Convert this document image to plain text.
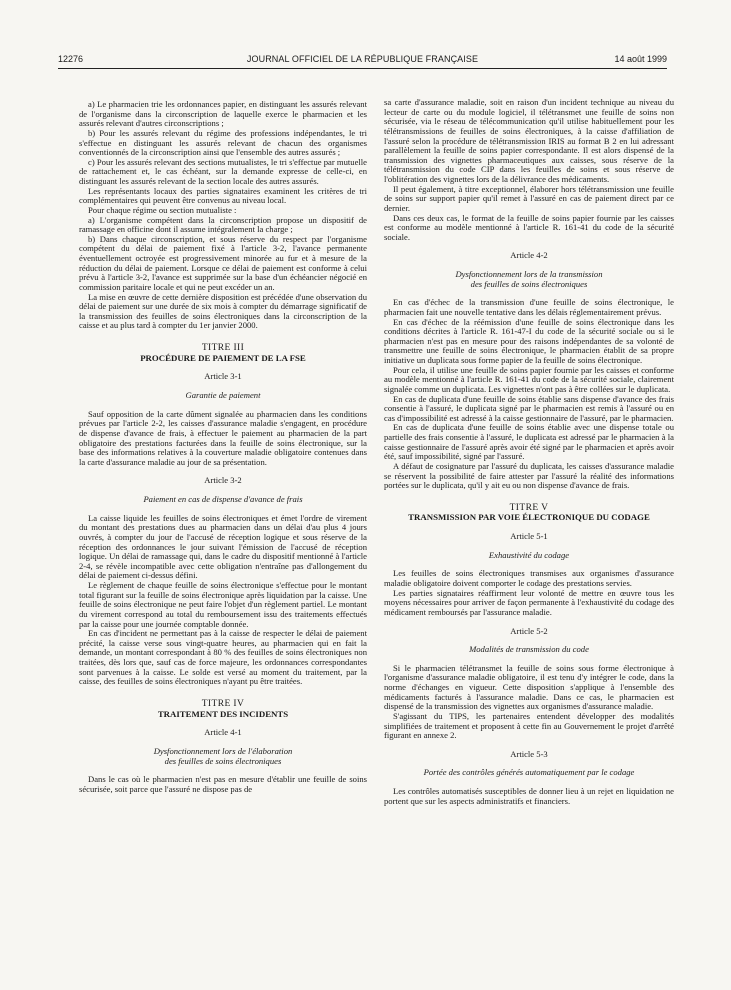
12276	JOURNAL OFFICIEL DE LA RÉPUBLIQUE FRANÇAISE	14 août 1999

a) Le pharmacien trie les ordonnances papier, en distinguant les assurés relevant de l'organisme dans la circonscription de laquelle exerce le pharmacien et les assurés relevant d'autres circonscriptions ;

b) Pour les assurés relevant du régime des professions indépendantes, le tri s'effectue en distinguant les assurés relevant de chacun des organismes conventionnés de la circonscription ainsi que l'ensemble des autres assurés ;

c) Pour les assurés relevant des sections mutualistes, le tri s'effectue par mutuelle de rattachement et, le cas échéant, sur la demande expresse de celle-ci, en distinguant les assurés relevant de la section locale des autres assurés.

Les représentants locaux des parties signataires examinent les critères de tri complémentaires qui peuvent être convenus au niveau local.

Pour chaque régime ou section mutualiste :

a) L'organisme compétent dans la circonscription propose un dispositif de ramassage en officine dont il assume intégralement la charge ;

b) Dans chaque circonscription, et sous réserve du respect par l'organisme compétent du délai de paiement fixé à l'article 3-2, l'avance permanente éventuellement octroyée est progressivement minorée au fur et à mesure de la réduction du délai de paiement. Lorsque ce délai de paiement est conforme à celui prévu à l'article 3-2, l'avance est supprimée sur la base d'un échéancier négocié en commission paritaire locale et qui ne peut excéder un an.

La mise en œuvre de cette dernière disposition est précédée d'une observation du délai de paiement sur une durée de six mois à compter du démarrage significatif de la transmission des feuilles de soins électroniques dans la circonscription de la caisse et au plus tard à compter du 1er janvier 2000.

TITRE III

PROCÉDURE DE PAIEMENT DE LA FSE

Article 3-1

Garantie de paiement

Sauf opposition de la carte dûment signalée au pharmacien dans les conditions prévues par l'article 2-2, les caisses d'assurance maladie s'engagent, en procédure de dispense d'avance de frais, à effectuer le paiement au pharmacien de la part obligatoire des prestations facturées dans la feuille de soins électronique, sur la base des informations relatives à la couverture maladie obligatoire contenues dans la carte d'assurance maladie au jour de sa présentation.

Article 3-2

Paiement en cas de dispense d'avance de frais

La caisse liquide les feuilles de soins électroniques et émet l'ordre de virement du montant des prestations dues au pharmacien dans un délai d'au plus 4 jours ouvrés, à compter du jour de l'accusé de réception logique et sous réserve de la réception des ordonnances le jour suivant l'émission de l'accusé de réception logique. Un délai de ramassage qui, dans le cadre du dispositif mentionné à l'article 2-4, se révèle incompatible avec cette obligation n'entraîne pas d'allongement du délai de paiement ci-dessus défini.

Le règlement de chaque feuille de soins électronique s'effectue pour le montant total figurant sur la feuille de soins électronique après liquidation par la caisse. Une feuille de soins électronique ne peut faire l'objet d'un règlement partiel. Le montant du virement correspond au total du remboursement issu des traitements effectués par la caisse pour une journée comptable donnée.

En cas d'incident ne permettant pas à la caisse de respecter le délai de paiement précité, la caisse verse sous vingt-quatre heures, au pharmacien qui en fait la demande, un montant correspondant à 80 % des feuilles de soins électroniques non traitées, dès lors que, sauf cas de force majeure, les ordonnances correspondantes sont parvenues à la caisse. Le solde est versé au moment du traitement, par la caisse, des feuilles de soins électroniques n'ayant pu être traitées.

TITRE IV

TRAITEMENT DES INCIDENTS

Article 4-1

Dysfonctionnement lors de l'élaboration

des feuilles de soins électroniques

Dans le cas où le pharmacien n'est pas en mesure d'établir une feuille de soins sécurisée, soit parce que l'assuré ne dispose pas de

sa carte d'assurance maladie, soit en raison d'un incident technique au niveau du lecteur de carte ou du module logiciel, il télétransmet une feuille de soins non sécurisée, via le réseau de télécommunication qu'il utilise habituellement pour les télétransmissions de feuilles de soins électroniques, à la caisse d'affiliation de l'assuré selon la procédure de télétransmission IRIS au format B 2 en lui adressant parallèlement la feuille de soins papier correspondante. Il est alors dispensé de la transmission des vignettes pharmaceutiques aux caisses, sous réserve de la télétransmission du code CIP dans les feuilles de soins et sous réserve de l'oblitération des vignettes lors de la délivrance des médicaments.

Il peut également, à titre exceptionnel, élaborer hors télétransmission une feuille de soins sur support papier qu'il remet à l'assuré en cas de paiement direct par ce dernier.

Dans ces deux cas, le format de la feuille de soins papier fournie par les caisses est conforme au modèle mentionné à l'article R. 161-41 du code de la sécurité sociale.

Article 4-2

Dysfonctionnement lors de la transmission

des feuilles de soins électroniques

En cas d'échec de la transmission d'une feuille de soins électronique, le pharmacien fait une nouvelle tentative dans les délais réglementairement prévus.

En cas d'échec de la réémission d'une feuille de soins électronique dans les conditions décrites à l'article R. 161-47-I du code de la sécurité sociale ou si le pharmacien n'est pas en mesure pour des raisons indépendantes de sa volonté de transmettre une feuille de soins électronique, le pharmacien établit de sa propre initiative un duplicata sous forme papier de la feuille de soins électronique.

Pour cela, il utilise une feuille de soins papier fournie par les caisses et conforme au modèle mentionné à l'article R. 161-41 du code de la sécurité sociale, clairement signalée comme un duplicata. Les vignettes n'ont pas à être collées sur le duplicata.

En cas de duplicata d'une feuille de soins établie sans dispense d'avance des frais consentie à l'assuré, le duplicata signé par le pharmacien est remis à l'assuré ou en cas d'impossibilité est adressé à la caisse gestionnaire de l'assuré, par le pharmacien.

En cas de duplicata d'une feuille de soins établie avec une dispense totale ou partielle des frais consentie à l'assuré, le duplicata est adressé par le pharmacien à la caisse gestionnaire de l'assuré après avoir été signé par le pharmacien et après avoir été, sauf impossibilité, signé par l'assuré.

A défaut de cosignature par l'assuré du duplicata, les caisses d'assurance maladie se réservent la possibilité de faire attester par l'assuré la réalité des informations portées sur le duplicata, qu'il y ait eu ou non dispense d'avance de frais.

TITRE V

TRANSMISSION PAR VOIE ÉLECTRONIQUE DU CODAGE

Article 5-1

Exhaustivité du codage

Les feuilles de soins électroniques transmises aux organismes d'assurance maladie obligatoire doivent comporter le codage des prestations servies.

Les parties signataires réaffirment leur volonté de mettre en œuvre tous les moyens nécessaires pour arriver de façon permanente à l'exhaustivité du codage des médicament remboursés par l'assurance maladie.

Article 5-2

Modalités de transmission du code

Si le pharmacien télétransmet la feuille de soins sous forme électronique à l'organisme d'assurance maladie obligatoire, il est tenu d'y intégrer le code, dans la norme d'échanges en vigueur. Cette disposition s'applique à l'ensemble des médicaments facturés à l'assurance maladie. Dans ce cas, le pharmacien est dispensé de la transmission des vignettes aux organismes d'assurance maladie.

S'agissant du TIPS, les partenaires entendent développer des modalités simplifiées de traitement et proposent à cette fin au Gouvernement le projet d'arrêté figurant en annexe 2.

Article 5-3

Portée des contrôles générés automatiquement par le codage

Les contrôles automatisés susceptibles de donner lieu à un rejet en liquidation ne portent que sur les aspects administratifs et financiers.
